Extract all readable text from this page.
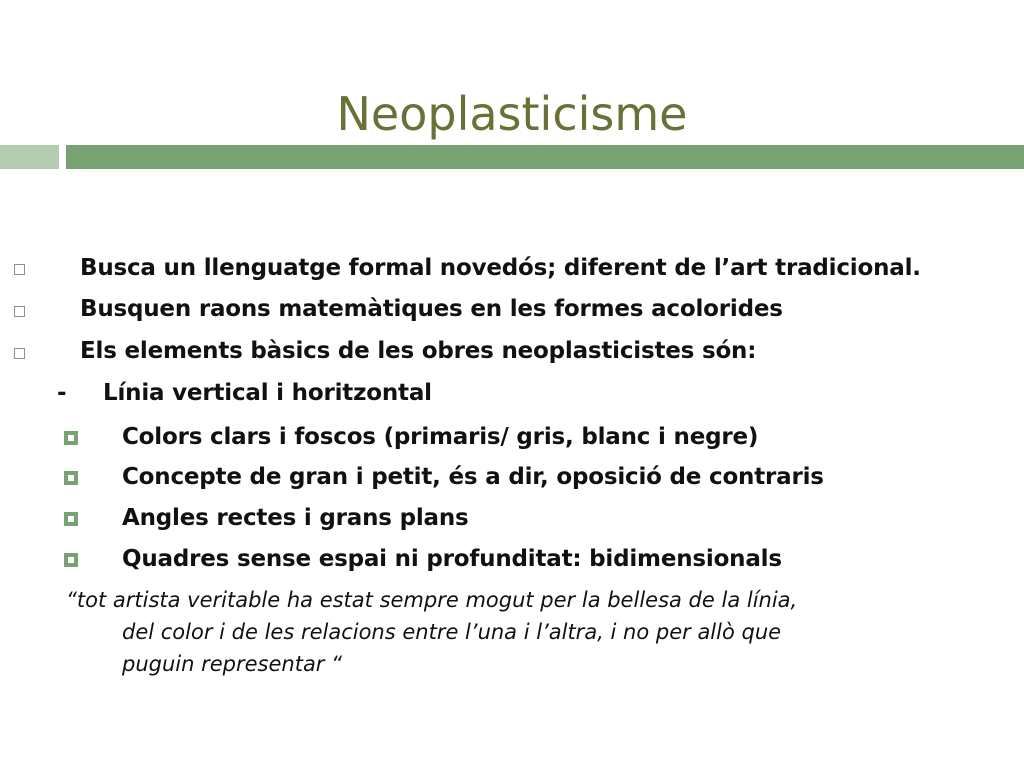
Neoplasticisme
Busca un llenguatge formal novedós; diferent de l’art tradicional.
Busquen raons matemàtiques en les formes acolorides
Els elements bàsics de les obres neoplasticistes són:
- Línia vertical i horitzontal
Colors clars i foscos (primaris/ gris, blanc i negre)
Concepte de gran i petit, és a dir, oposició de contraris
Angles rectes i grans plans
Quadres sense espai ni profunditat: bidimensionals
“tot artista veritable ha estat sempre mogut per la bellesa de la línia,
del color i de les relacions entre l’una i l’altra, i no per allò que
puguin representar “
